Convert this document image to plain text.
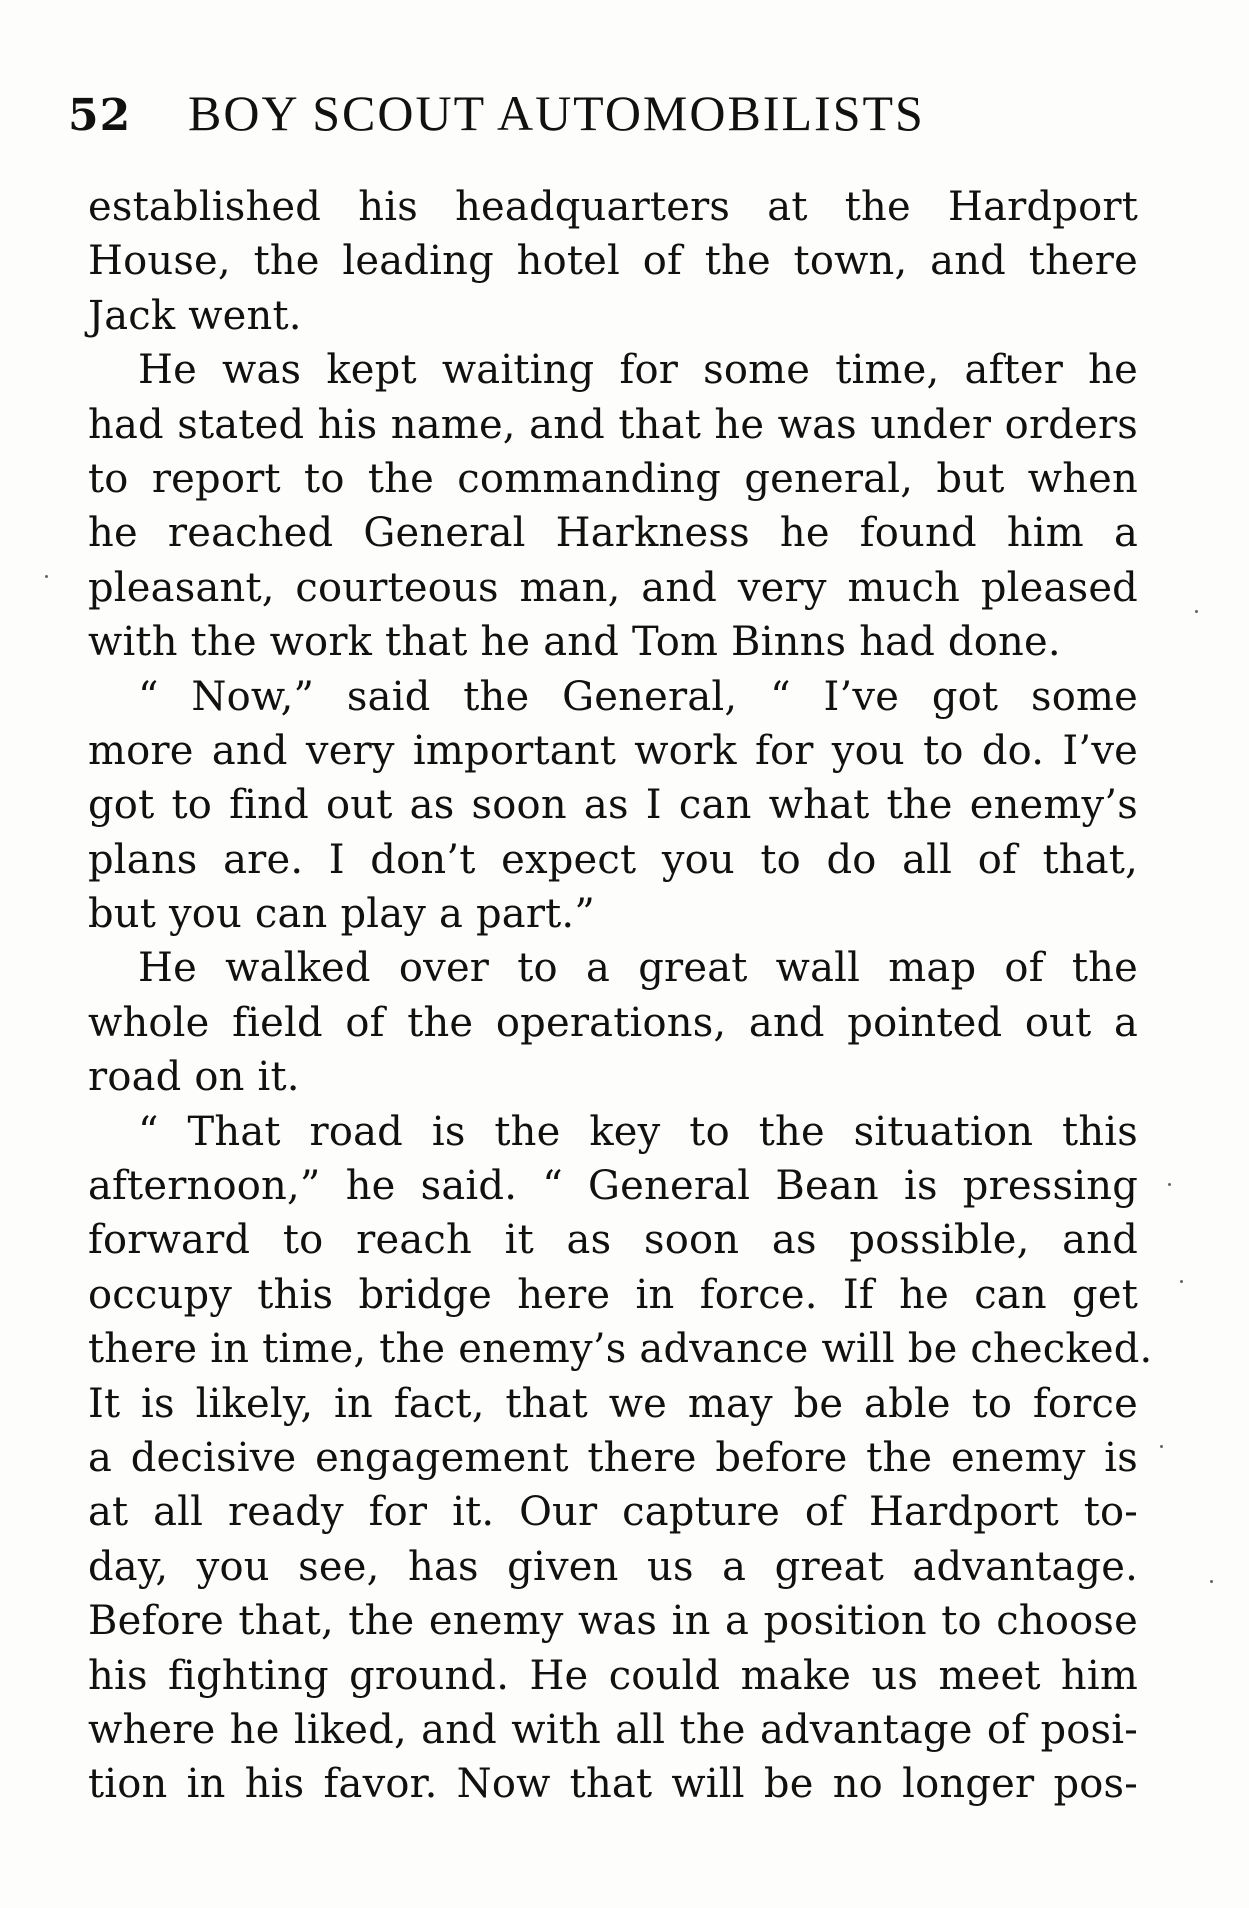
52 BOY SCOUT AUTOMOBILISTS
established his headquarters at the Hardport
House, the leading hotel of the town, and there
Jack went.
He was kept waiting for some time, after he
had stated his name, and that he was under orders
to report to the commanding general, but when
he reached General Harkness he found him a
pleasant, courteous man, and very much pleased
with the work that he and Tom Binns had done.
“ Now,” said the General, “ I’ve got some
more and very important work for you to do. I’ve
got to find out as soon as I can what the enemy’s
plans are. I don’t expect you to do all of that,
but you can play a part.”
He walked over to a great wall map of the
whole field of the operations, and pointed out a
road on it.
“ That road is the key to the situation this
afternoon,” he said. “ General Bean is pressing
forward to reach it as soon as possible, and
occupy this bridge here in force. If he can get
there in time, the enemy’s advance will be checked.
It is likely, in fact, that we may be able to force
a decisive engagement there before the enemy is
at all ready for it. Our capture of Hardport to-
day, you see, has given us a great advantage.
Before that, the enemy was in a position to choose
his fighting ground. He could make us meet him
where he liked, and with all the advantage of posi-
tion in his favor. Now that will be no longer pos-
